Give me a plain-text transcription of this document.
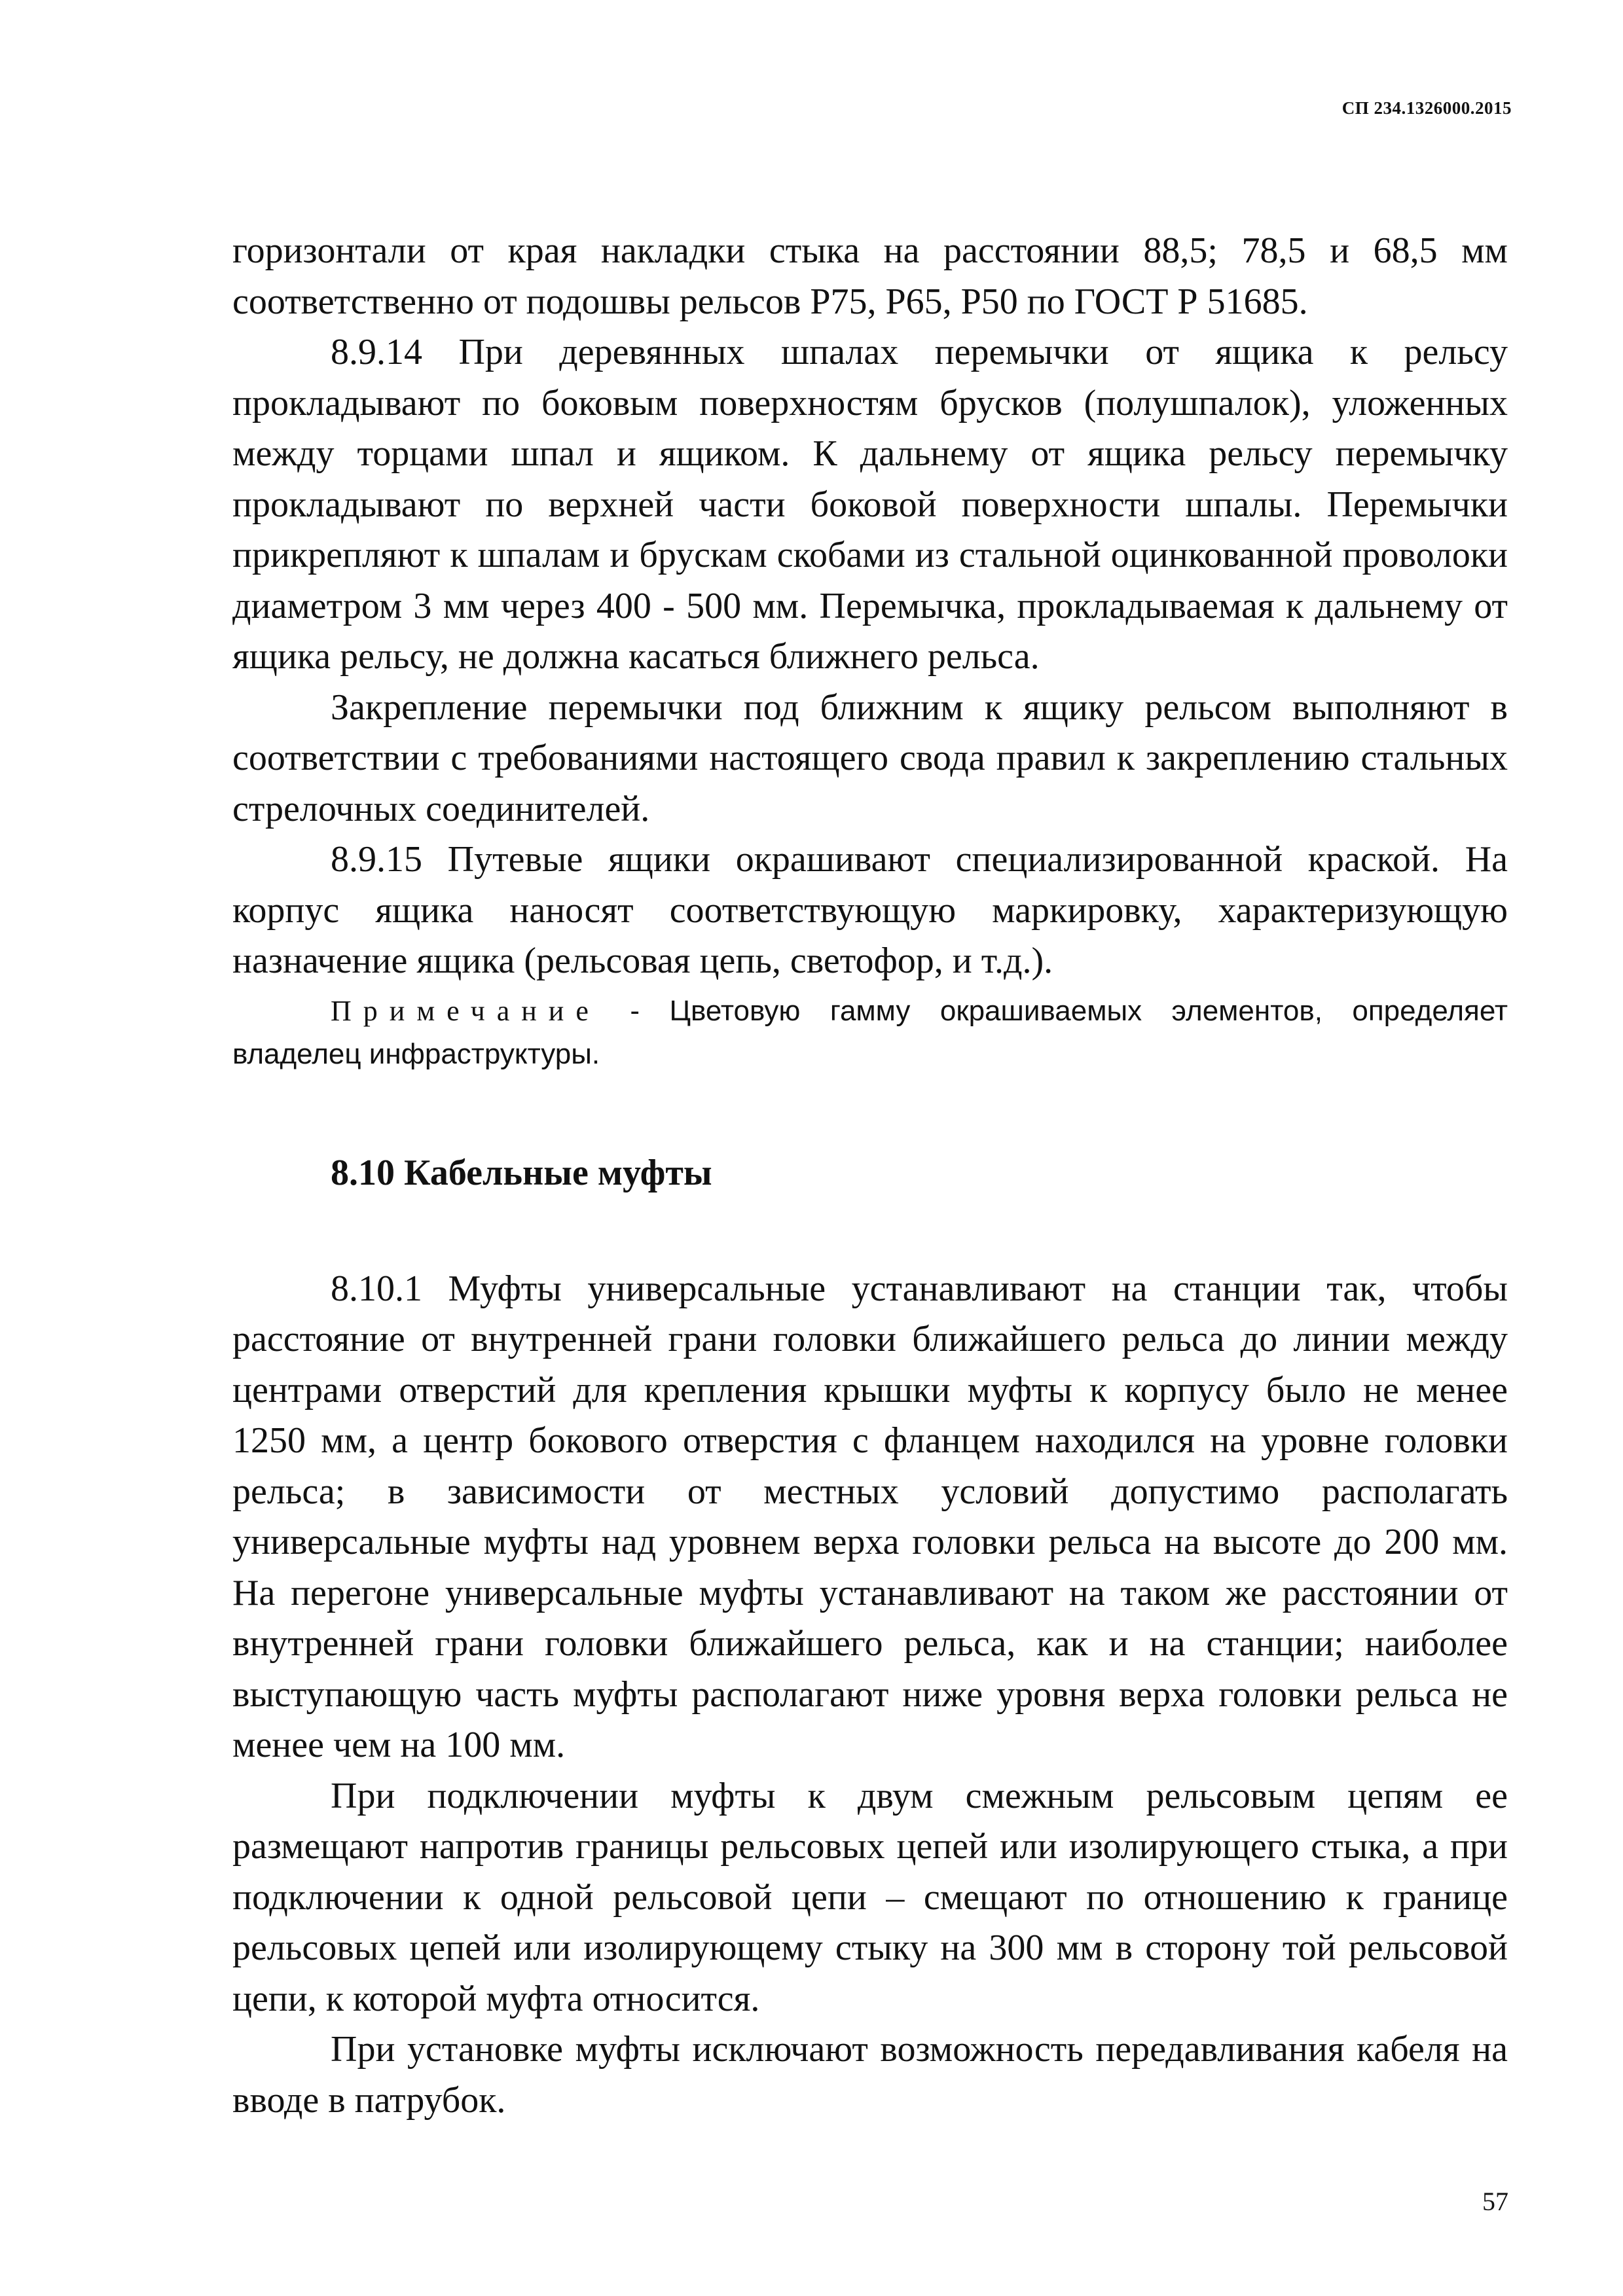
СП 234.1326000.2015

горизонтали от края накладки стыка на расстоянии 88,5; 78,5 и 68,5 мм соответственно от подошвы рельсов Р75, Р65, Р50 по ГОСТ Р 51685.

8.9.14 При деревянных шпалах перемычки от ящика к рельсу прокладывают по боковым поверхностям брусков (полушпалок), уложенных между торцами шпал и ящиком. К дальнему от ящика рельсу перемычку прокладывают по верхней части боковой поверхности шпалы. Перемычки прикрепляют к шпалам и брускам скобами из стальной оцинкованной проволоки диаметром 3 мм через 400 - 500 мм. Перемычка, прокладываемая к дальнему от ящика рельсу, не должна касаться ближнего рельса.

Закрепление перемычки под ближним к ящику рельсом выполняют в соответствии с требованиями настоящего свода правил к закреплению стальных стрелочных соединителей.

8.9.15 Путевые ящики окрашивают специализированной краской. На корпус ящика наносят соответствующую маркировку, характеризующую назначение ящика (рельсовая цепь, светофор, и т.д.).

Примечание - Цветовую гамму окрашиваемых элементов, определяет владелец инфраструктуры.

8.10 Кабельные муфты

8.10.1 Муфты универсальные устанавливают на станции так, чтобы расстояние от внутренней грани головки ближайшего рельса до линии между центрами отверстий для крепления крышки муфты к корпусу было не менее 1250 мм, а центр бокового отверстия с фланцем находился на уровне головки рельса; в зависимости от местных условий допустимо располагать универсальные муфты над уровнем верха головки рельса на высоте до 200 мм. На перегоне универсальные муфты устанавливают на таком же расстоянии от внутренней грани головки ближайшего рельса, как и на станции; наиболее выступающую часть муфты располагают ниже уровня верха головки рельса не менее чем на 100 мм.

При подключении муфты к двум смежным рельсовым цепям ее размещают напротив границы рельсовых цепей или изолирующего стыка, а при подключении к одной рельсовой цепи – смещают по отношению к границе рельсовых цепей или изолирующему стыку на 300 мм в сторону той рельсовой цепи, к которой муфта относится.

При установке муфты исключают возможность передавливания кабеля на вводе в патрубок.

57
